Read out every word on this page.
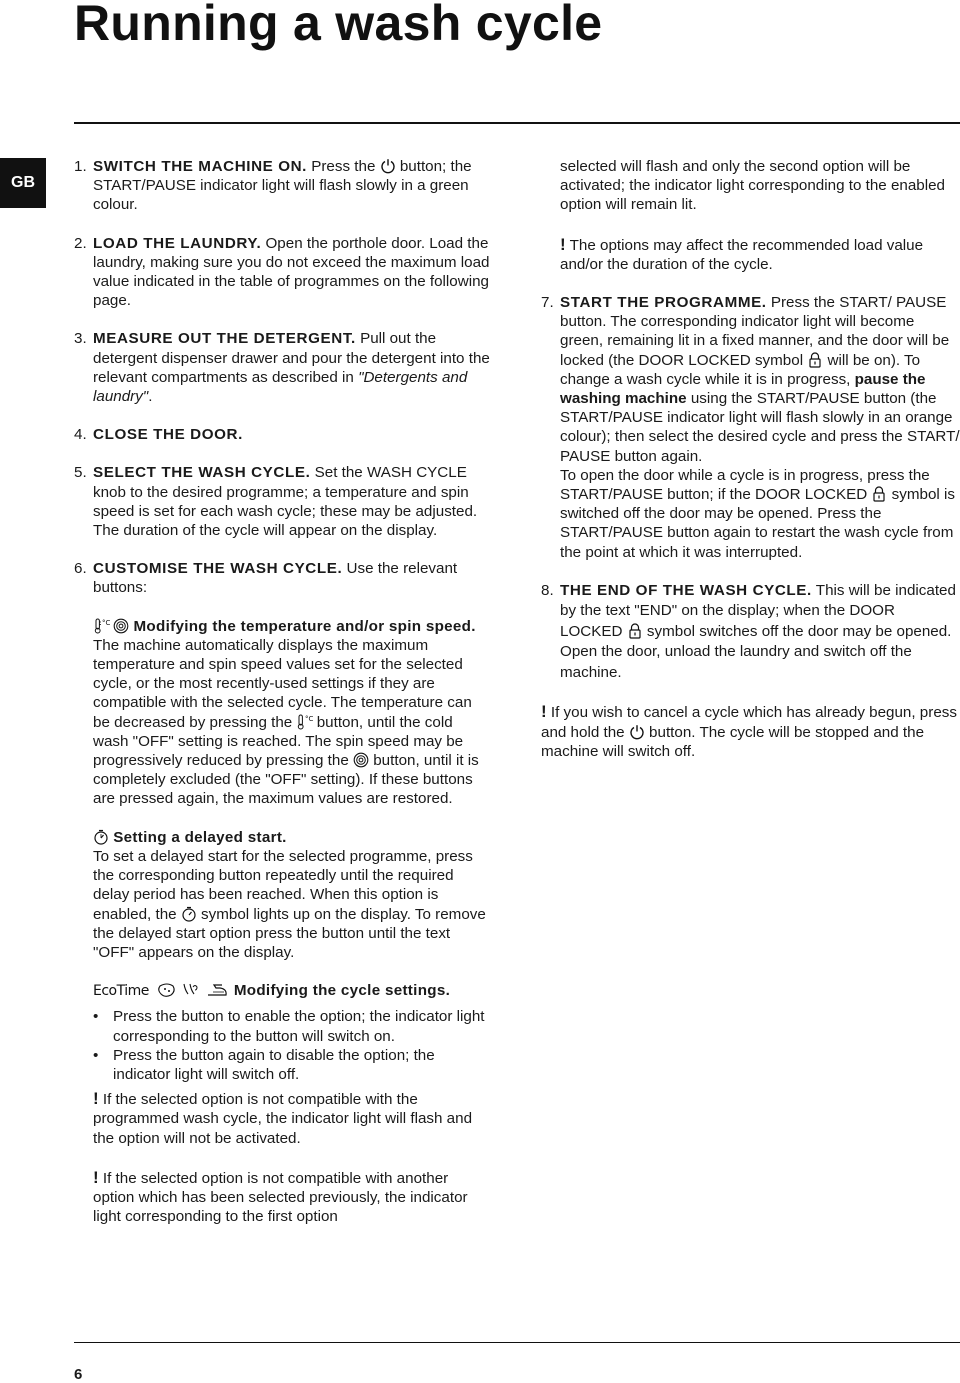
Running a wash cycle
GB
1. SWITCH THE MACHINE ON. Press the
button; the START/PAUSE indicator light will flash slowly in a green colour.
2. LOAD THE LAUNDRY. Open the porthole door. Load the laundry, making sure you do not exceed the maximum load value indicated in the table of programmes on the following page.
3. MEASURE OUT THE DETERGENT. Pull out the detergent dispenser drawer and pour the detergent into the relevant compartments as described in "Detergents and laundry".
4. CLOSE THE DOOR.
5. SELECT THE WASH CYCLE. Set the WASH CYCLE knob to the desired programme; a temperature and spin speed is set for each wash cycle; these may be adjusted. The duration of the cycle will appear on the display.
6. CUSTOMISE THE WASH CYCLE. Use the relevant buttons:
°C
Modifying the temperature and/or spin speed. The machine automatically displays the maximum temperature and spin speed values set for the selected cycle, or the most recently-used settings if they are compatible with the selected cycle. The temperature can be decreased by pressing the °C
button, until the cold wash "OFF" setting is reached. The spin speed may be progressively reduced by pressing the
button, until it is completely excluded (the "OFF" setting). If these buttons are pressed again, the maximum values are restored.
Setting a delayed start.
To set a delayed start for the selected programme, press the corresponding button repeatedly until the required delay period has been reached. When this option is enabled, the
symbol lights up on the display. To remove the delayed start option press the button until the text "OFF" appears on the display.
EcoTime

	Modifying the cycle settings.
• Press the button to enable the option; the indicator light corresponding to the button will switch on.
• Press the button again to disable the option; the indicator light will switch off.

! If the selected option is not compatible with the programmed wash cycle, the indicator light will flash and the option will not be activated.

! If the selected option is not compatible with another option which has been selected previously, the indicator light corresponding to the first option

selected will flash and only the second option will be activated; the indicator light corresponding to the enabled option will remain lit.

! The options may affect the recommended load value and/or the duration of the cycle.

7. START THE PROGRAMME. Press the START/ PAUSE button. The corresponding indicator light will become green, remaining lit in a fixed manner, and the door will be locked (the DOOR LOCKED symbol
will be on). To change a wash cycle while it is in progress, pause the washing machine using the START/PAUSE button (the START/PAUSE indicator light will flash slowly in an orange colour); then select the desired cycle and press the START/ PAUSE button again.
To open the door while a cycle is in progress, press the START/PAUSE button; if the DOOR LOCKED
symbol is switched off the door may be opened. Press the START/PAUSE button again to restart the wash cycle from the point at which it was interrupted.
8. THE END OF THE WASH CYCLE. This will be indicated by the text "END" on the display; when the DOOR LOCKED
symbol switches off the door may be opened. Open the door, unload the laundry and switch off the machine.

! If you wish to cancel a cycle which has already begun, press and hold the
button. The cycle will be stopped and the machine will switch off.

6
